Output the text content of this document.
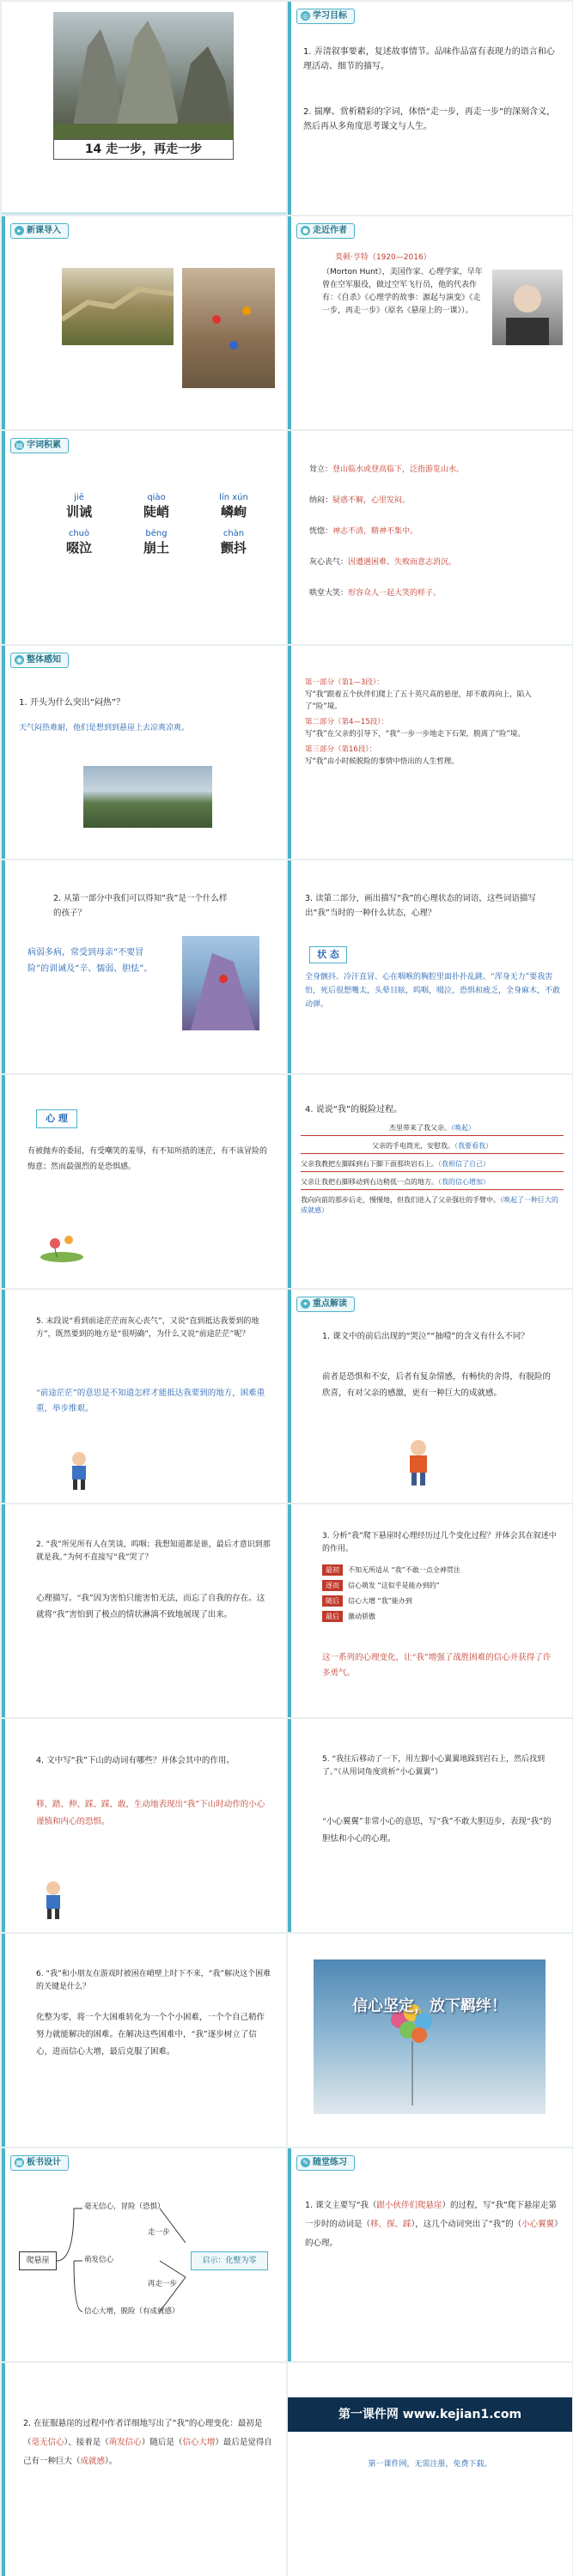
14 走一步，再走一步
◎ 学习目标
1. 弄清叙事要素，复述故事情节。品味作品富有表现力的语言和心理活动、细节的描写。
2. 揣摩、赏析精彩的字词，体悟“走一步，再走一步”的深刻含义，然后再从多角度思考课文与人生。
▸ 新课导入	● 走近作者
莫顿·亨特（1920—2016）
（Morton Hunt），美国作家、心理学家，早年曾在空军服役，做过空军飞行员，他的代表作有：《自杀》《心理学的故事：源起与演变》《走一步，再走一步》（原名《悬崖上的一课》）。
▤ 字词积累
jiē
训诫
qiào
陡峭
lín xún
嶙峋
chuò
啜泣
bēng
崩土
chàn
颤抖
耸立：登山临水或登高临下，泛指游览山水。
纳闷：疑惑不解，心里发闷。
恍惚：神志不清，精神不集中。
灰心丧气：因遭遇困难、失败而意志消沉。
哄堂大笑：形容众人一起大笑的样子。
◉ 整体感知
1. 开头为什么突出“闷热”？
天气闷热难耐，他们是想到到悬崖上去凉爽凉爽。
第一部分（第1—3段）：
写“我”跟着五个伙伴们爬上了五十英尺高的悬崖，却不敢再向上，陷入了“险”境。
第二部分（第4—15段）：
写“我”在父亲的引导下，“我”一步一步地走下石架，脱离了“险”境。
第三部分（第16段）：
写“我”由小时候脱险的事情中悟出的人生哲理。
2. 从第一部分中我们可以得知“我”是一个什么样的孩子？
病弱多病，常受到母亲“不要冒险”的训诫及“辛、懦弱、胆怯”。
3. 读第二部分，画出描写“我”的心理状态的词语，这些词语描写出“我”当时的一种什么状态，心理？
状 态
全身颤抖、冷汗直冒、心在咽喉的胸腔里面扑扑乱跳、“浑身无力”要我害怕，死后很想嘴太，头晕目眩，呜咽，啜泣，恐惧和疲乏，全身麻木，不敢动弹。
心 理
有被抛弃的委屈，有受嘲笑的羞辱，有不知所措的迷茫，有不该冒险的悔意；然而最强烈的是恐惧感。
4. 说说“我”的脱险过程。
杰里带来了我父亲。（唤起）
父亲的手电筒光，安慰我。（我要看我）
父亲我教把左脚踩到右下脚下面那块岩石上。（我相信了自己）
父亲让我把右脚移动到右边稍低一点的地方。（我的信心增加）
我向向前的那步后走，慢慢地，但我们进入了父亲强壮的手臂中。（唤起了一种巨大的成就感）
5. 末段说“看到前途茫茫而灰心丧气”，又说“直到抵达我要到的地方”，既然要到的地方是“很明确”，为什么又说“前途茫茫”呢？
“前途茫茫”的意思是不知道怎样才能抵达我要到的地方，困难重重，举步维艰。
✦ 重点解读
1. 课文中的前后出现的“哭泣”“抽噎”的含义有什么不同？
前者是恐惧和不安，后者有复杂情感，有畅快的舍得，有脱险的欣喜，有对父亲的感激，更有一种巨大的成就感。
2. “我”所见所有人在笑谈，呜咽；我想知道都是谁，最后才意识到那就是我。”为何不直接写“我”哭了？
心理描写。“我”因为害怕只能害怕无法，而忘了自我的存在。这就将“我”害怕到了极点的情状淋漓不致地展现了出来。
3. 分析“我”爬下悬崖时心理经历过几个变化过程？并体会其在叙述中的作用。
最初	不知无所适从 “我”不敢一点全神贯注
逐而	信心萌发 “这似乎是能办到的”
随后	信心大增 “我”能办到
最后	激动骄傲
这一系列的心理变化，让“我”增强了战胜困难的信心并获得了许多勇气。
4. 文中写“我”下山的动词有哪些？并体会其中的作用。
移、踏、伸、踩、踩、敢，生动地表现出“我”下山时动作的小心谨慎和内心的恐惧。
5. “我往后移动了一下，用左脚小心翼翼地踩到岩石上，然后找到了。”（从用词角度赏析“小心翼翼”）
“小心翼翼”非常小心的意思，写“我”不敢大胆迈步，表现“我”的胆怯和小心的心理。
6. “我”和小朋友在游戏时被困在峭壁上时下不来，“我”解决这个困难的关键是什么？
化整为零，将一个大困难转化为一个个小困难，一个个自己稍作努力就能解决的困难。在解决这些困难中，“我”逐步树立了信心，进而信心大增，最后克服了困难。
信心坚定，放下羁绊！
▦ 板书设计
爬悬崖
毫无信心，冒险（恐惧）
走一步
萌发信心
再走一步
信心大增，脱险（有成就感）
启示：化整为零
✎ 随堂练习
1. 课文主要写“我（跟小伙伴们爬悬崖）的过程，写“我”爬下悬崖走第一步时的动词是（移、探、踩），这几个动词突出了“我”的（小心翼翼）的心理。
2. 在征服悬崖的过程中作者详细地写出了“我”的心理变化：最初是（毫无信心）、接着是（萌发信心）随后是（信心大增）最后是觉得自己有一种巨大（成就感）。
第一课件网 www.kejian1.com
第一课件网，无需注册，免费下载。
